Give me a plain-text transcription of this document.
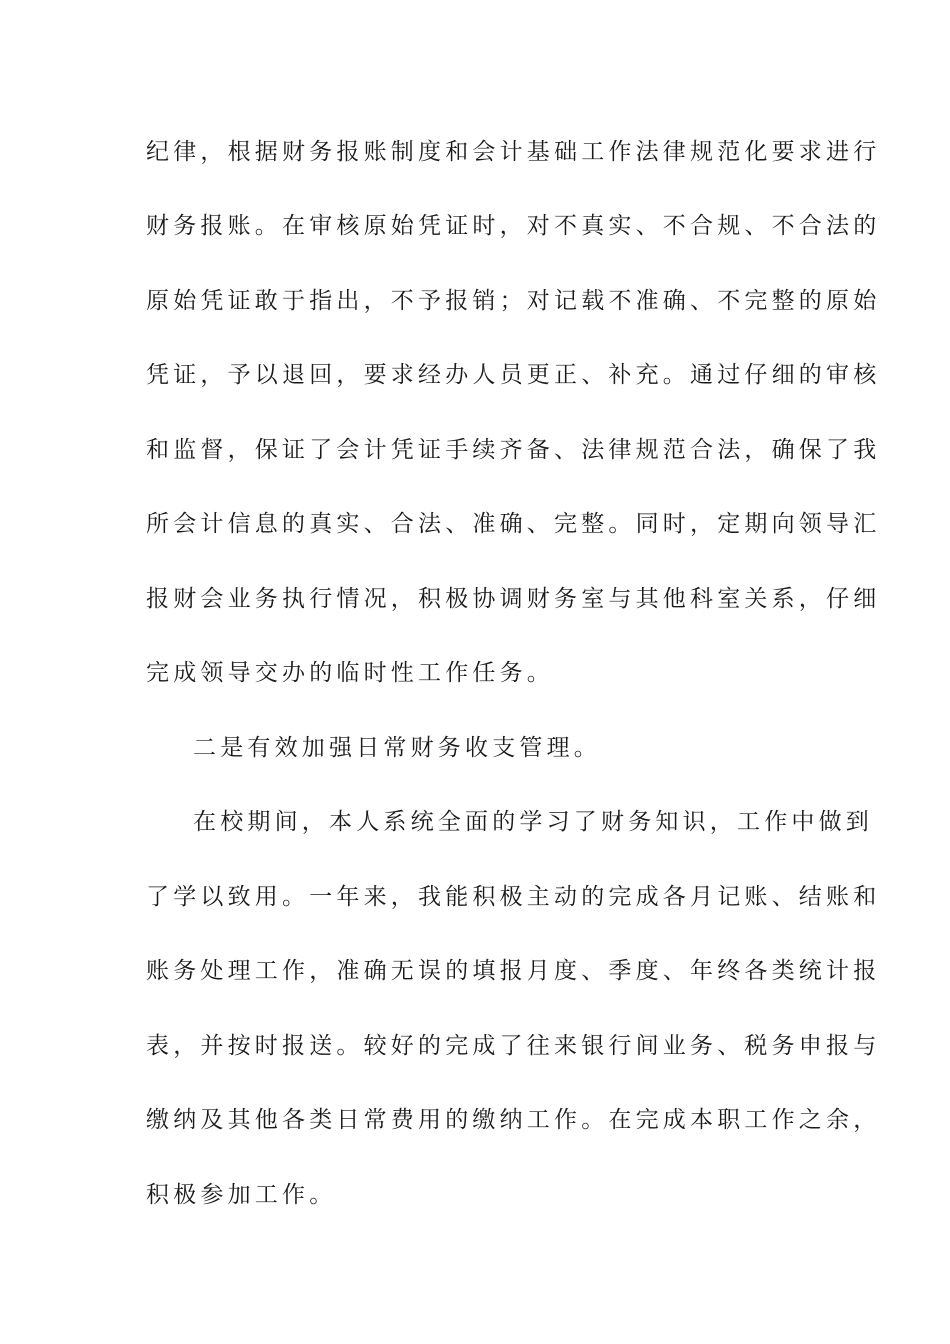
纪律，根据财务报账制度和会计基础工作法律规范化要求进行
财务报账。在审核原始凭证时，对不真实、不合规、不合法的
原始凭证敢于指出，不予报销；对记载不准确、不完整的原始
凭证，予以退回，要求经办人员更正、补充。通过仔细的审核
和监督，保证了会计凭证手续齐备、法律规范合法，确保了我
所会计信息的真实、合法、准确、完整。同时，定期向领导汇
报财会业务执行情况，积极协调财务室与其他科室关系，仔细
完成领导交办的临时性工作任务。
二是有效加强日常财务收支管理。
在校期间，本人系统全面的学习了财务知识，工作中做到
了学以致用。一年来，我能积极主动的完成各月记账、结账和
账务处理工作，准确无误的填报月度、季度、年终各类统计报
表，并按时报送。较好的完成了往来银行间业务、税务申报与
缴纳及其他各类日常费用的缴纳工作。在完成本职工作之余，
积极参加工作。
